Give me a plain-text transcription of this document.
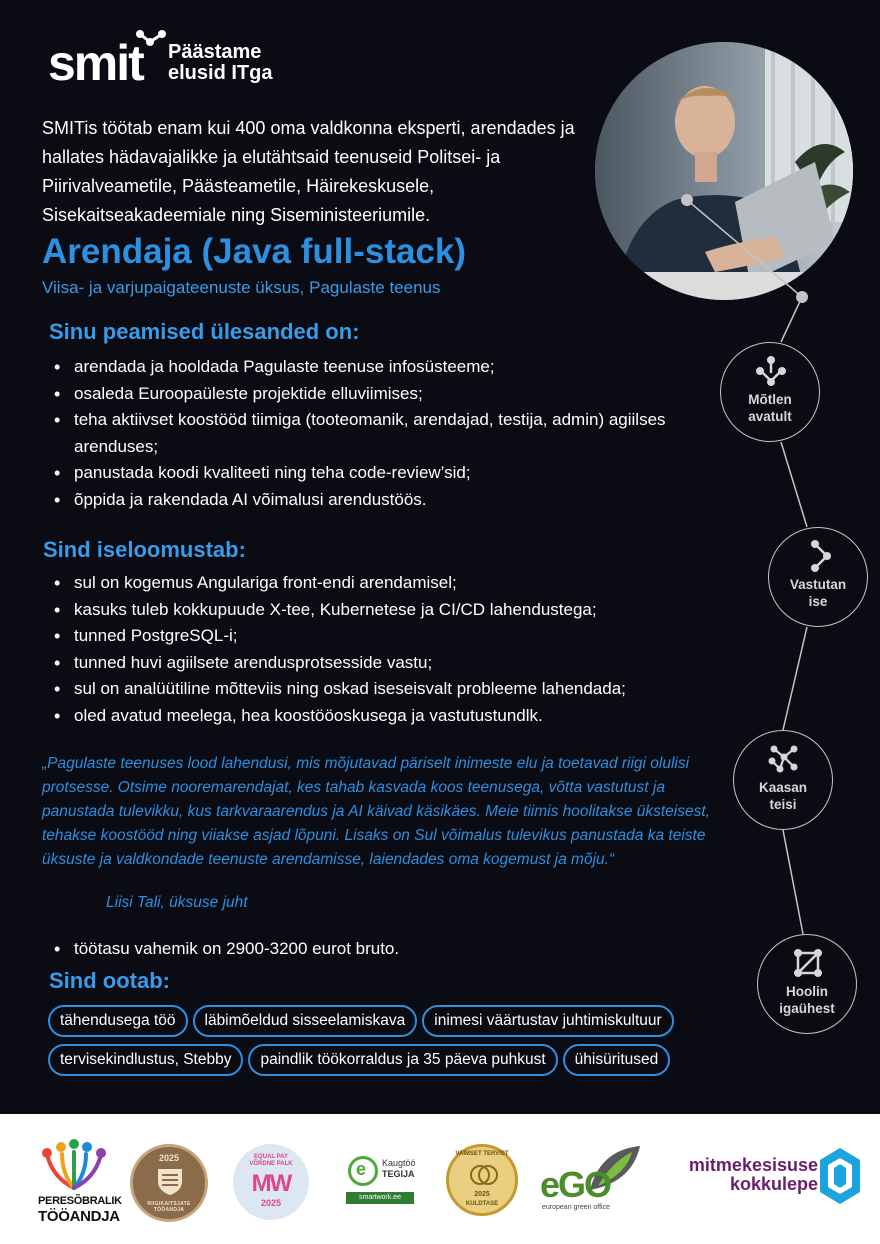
smit Päästame
elusid ITga

SMITis töötab enam kui 400 oma valdkonna eksperti, arendades ja hallates hädavajalikke ja elutähtsaid teenuseid Politsei- ja Piirivalveametile, Päästeametile, Häirekeskusele, Sisekaitseakadeemiale ning Siseministeeriumile.

Arendaja (Java full-stack)
Viisa- ja varjupaigateenuste üksus, Pagulaste teenus
Sinu peamised ülesanded on:
• arendada ja hooldada Pagulaste teenuse infosüsteeme;
• osaleda Euroopaüleste projektide elluviimises;
• teha aktiivset koostööd tiimiga (tooteomanik, arendajad, testija, admin) agiilses arenduses;
• panustada koodi kvaliteeti ning teha code-review’sid;
• õppida ja rakendada AI võimalusi arendustöös.
Sind iseloomustab:
• sul on kogemus Angulariga front-endi arendamisel;
• kasuks tuleb kokkupuude X-tee, Kubernetese ja CI/CD lahendustega;
• tunned PostgreSQL-i;
• tunned huvi agiilsete arendusprotsesside vastu;
• sul on analüütiline mõtteviis ning oskad iseseisvalt probleeme lahendada;
• oled avatud meelega, hea koostööoskusega ja vastutustundlk.

„Pagulaste teenuses lood lahendusi, mis mõjutavad päriselt inimeste elu ja toetavad riigi olulisi protsesse. Otsime nooremarendajat, kes tahab kasvada koos teenusega, võtta vastutust ja panustada tulevikku, kus tarkvaraarendus ja AI käivad käsikäes. Meie tiimis hoolitakse üksteisest, tehakse koostööd ning viiakse asjad lõpuni. Lisaks on Sul võimalus tulevikus panustada ka teiste üksuste ja valdkondade teenuste arendamisse, laiendades oma kogemust ja mõju.“

Liisi Tali, üksuse juht
• töötasu vahemik on 2900-3200 eurot bruto.
Sind ootab:
tähendusega töö	läbimõeldud sisseelamiskava	inimesi väärtustav juhtimiskultuur
tervisekindlustus, Stebby	paindlik töökorraldus ja 35 päeva puhkust	ühisüritused
Mõtlen
avatult
Vastutan
ise
Kaasan
teisi
Hoolin
igaühest
PERESÕBRALIK
TÖÖANDJA
2025
RIIGIKAITSJATE TÖÖANDJA
EQUAL PAY
VÕRDNE PALK
MW
2025
e Kaugtöö
TEGIJA
smartwork.ee
VAIMSET TERVIST
2025
KULDTASE	eGO
european green office
mitmekesisuse
kokkulepe
